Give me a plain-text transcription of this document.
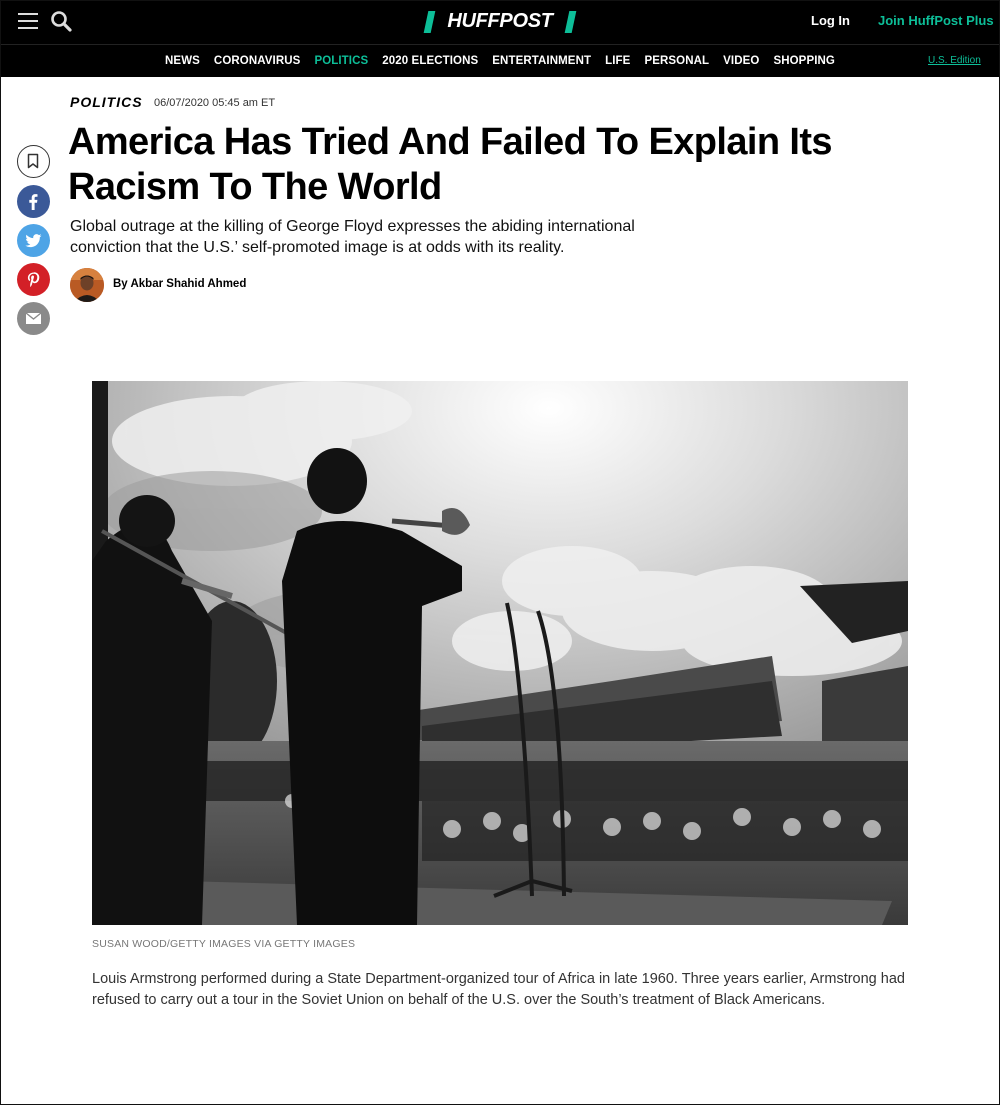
HUFFPOST	Log In Join HuffPost Plus
NEWS	CORONAVIRUS	POLITICS	2020 ELECTIONS	ENTERTAINMENT	LIFE	PERSONAL	VIDEO	SHOPPING	U.S. Edition
POLITICS 06/07/2020 05:45 am ET
America Has Tried And Failed To Explain Its Racism To The World

Global outrage at the killing of George Floyd expresses the abiding international conviction that the U.S.’ self-promoted image is at odds with its reality.

By Akbar Shahid Ahmed
SUSAN WOOD/GETTY IMAGES VIA GETTY IMAGES

Louis Armstrong performed during a State Department-organized tour of Africa in late 1960. Three years earlier, Armstrong had refused to carry out a tour in the Soviet Union on behalf of the U.S. over the South’s treatment of Black Americans.
